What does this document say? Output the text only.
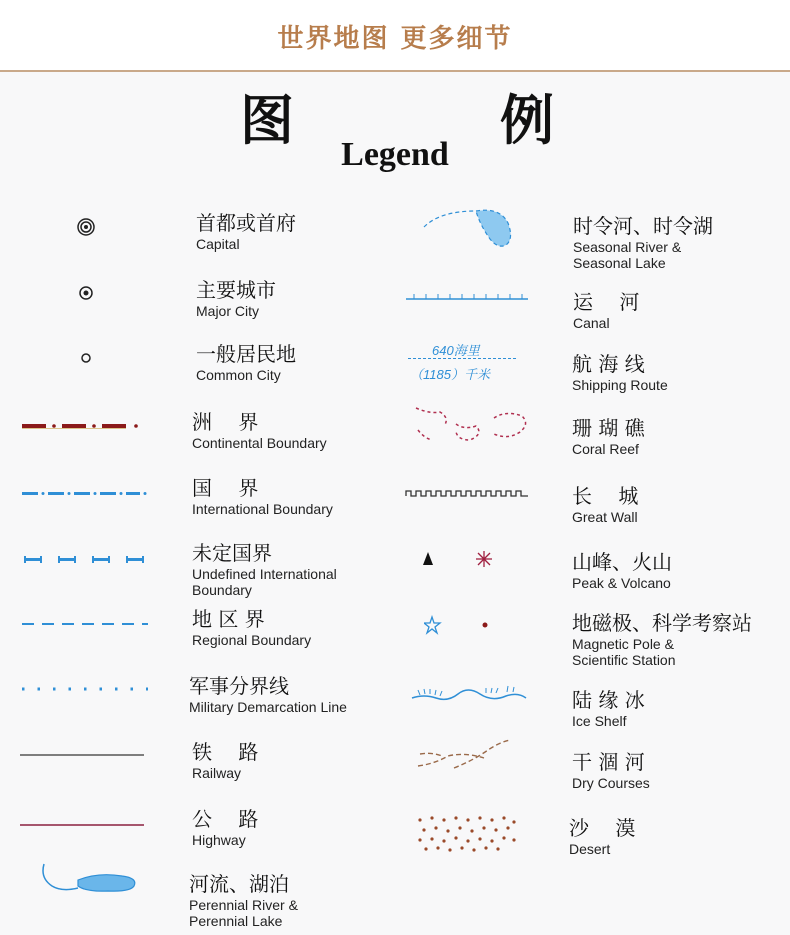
世界地图 更多细节
图	例
Legend
首都或首府
Capital
主要城市
Major City
一般居民地
Common City
洲　 界
Continental Boundary
国　 界
International Boundary
未定国界
Undefined International Boundary
地 区 界
Regional Boundary
军事分界线
Military Demarcation Line
铁　 路
Railway
公　 路
Highway
河流、湖泊
Perennial River & Perennial Lake
时令河、时令湖
Seasonal River & Seasonal Lake
运　 河
Canal
640海里
（1185）千米	航 海 线
Shipping Route
珊 瑚 礁
Coral Reef
长　 城
Great Wall
山峰、火山
Peak & Volcano
地磁极、科学考察站
Magnetic Pole & Scientific Station
陆 缘 冰
Ice Shelf
干 涸 河
Dry Courses
沙　 漠
Desert
